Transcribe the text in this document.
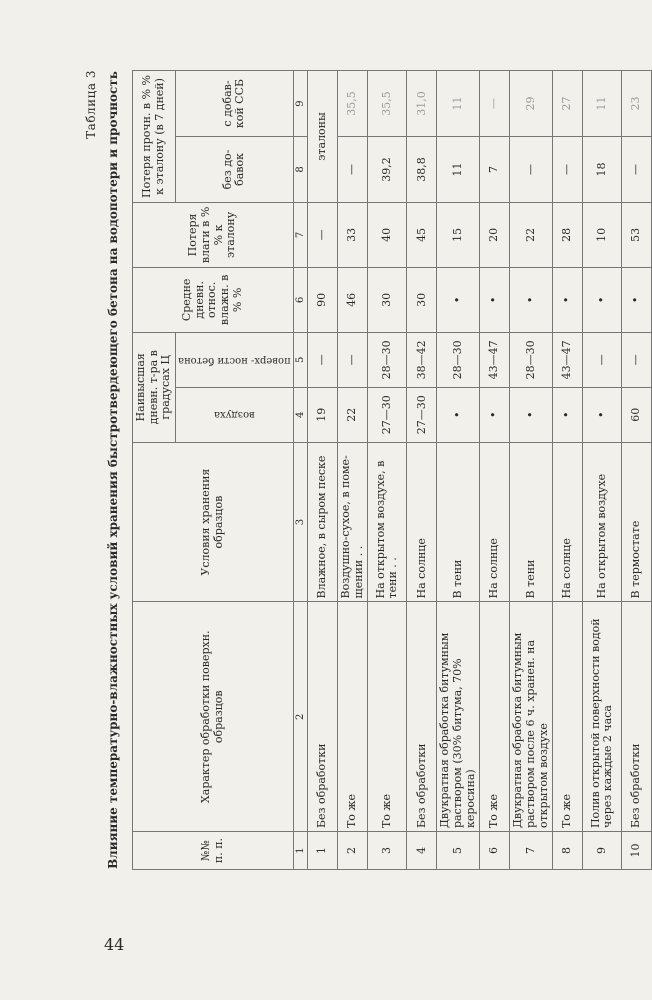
44
Таблица 3 Влияние температурно-влажностных условий хранения быстротвердеющего бетона на водопотери и прочность	№№ п. п.	Характер обработки поверхн. образцов	Условия хранения образцов	Наивысшая дневн. т-ра в градусах Ц		Средне дневн. относ. влажн. в % %	Потеря влаги в % % к эталону	Потеря прочн. в % % к эталону (в 7 дней)	

			воздуха	поверх- ности бетона			без до- бавок	с добав- кой ССБ
1	2	3	4	5	6	7	8	9
1	Без обработки	Влажное, в сыром песке	19	—	90	—	эталоны	
2	То же	Воздушно-сухое, в поме- щении . .	22	—	46	33	—	35,5
3	То же	На открытом воздухе, в тени . .	27—30	28—30	30	40	39,2	35,5
4	Без обработки	На солнце	27—30	38—42	30	45	38,8	31,0
5	Двукратная обработка битумным раствором (30% битума, 70% керосина)	В тени	•	28—30	•	15	11	11
6	То же	На солнце	•	43—47	•	20	7	—
7	Двукратная обработка битумным раствором после 6 ч. хранен. на открытом воздухе	В тени	•	28—30	•	22	—	29
8	То же	На солнце	•	43—47	•	28	—	27
9	Полив открытой поверхности водой через каждые 2 часа	На открытом воздухе	•	—	•	10	18	11
10	Без обработки	В термостате	60	—	•	53	—	23
